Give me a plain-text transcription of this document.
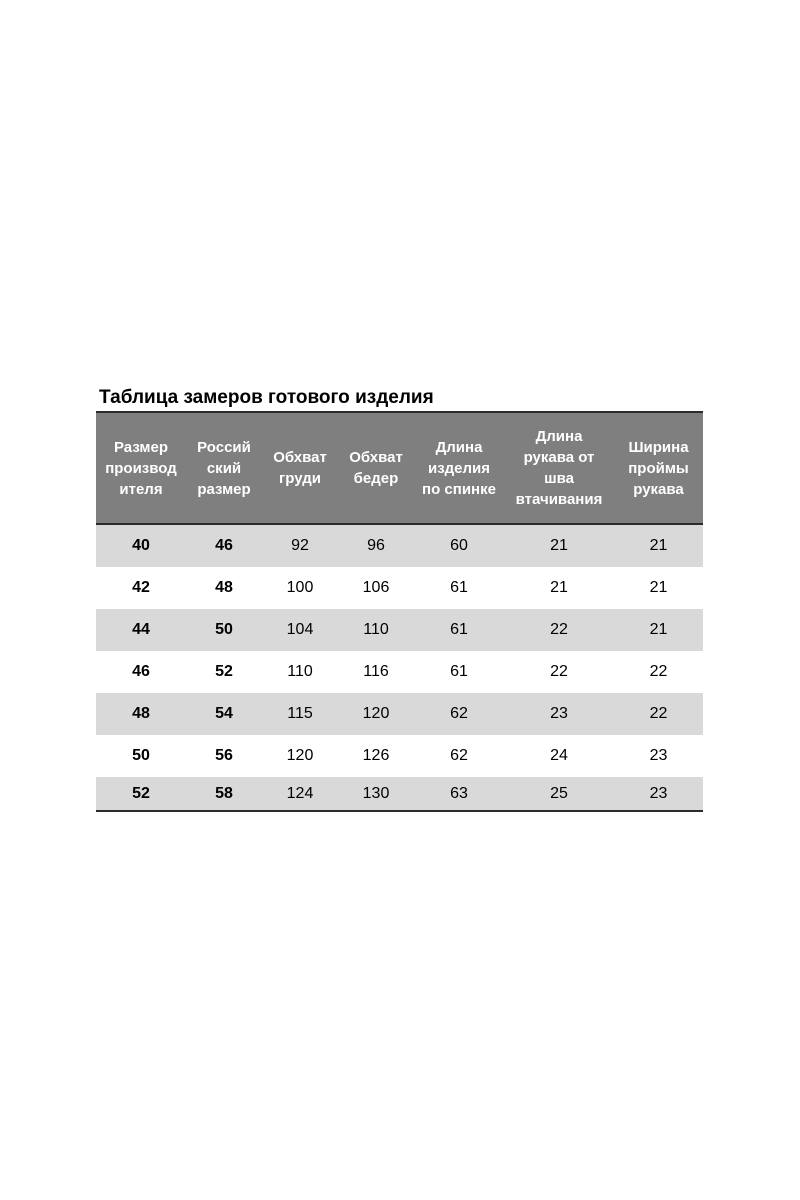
Таблица замеров готового изделия
Размер
производ
ителя	Россий
ский
размер	Обхват
груди	Обхват
бедер	Длина
изделия
по спинке	Длина
рукава от
шва
втачивания	Ширина
проймы
рукава
40	46	92	96	60	21	21
42	48	100	106	61	21	21
44	50	104	110	61	22	21
46	52	110	116	61	22	22
48	54	115	120	62	23	22
50	56	120	126	62	24	23
52	58	124	130	63	25	23
